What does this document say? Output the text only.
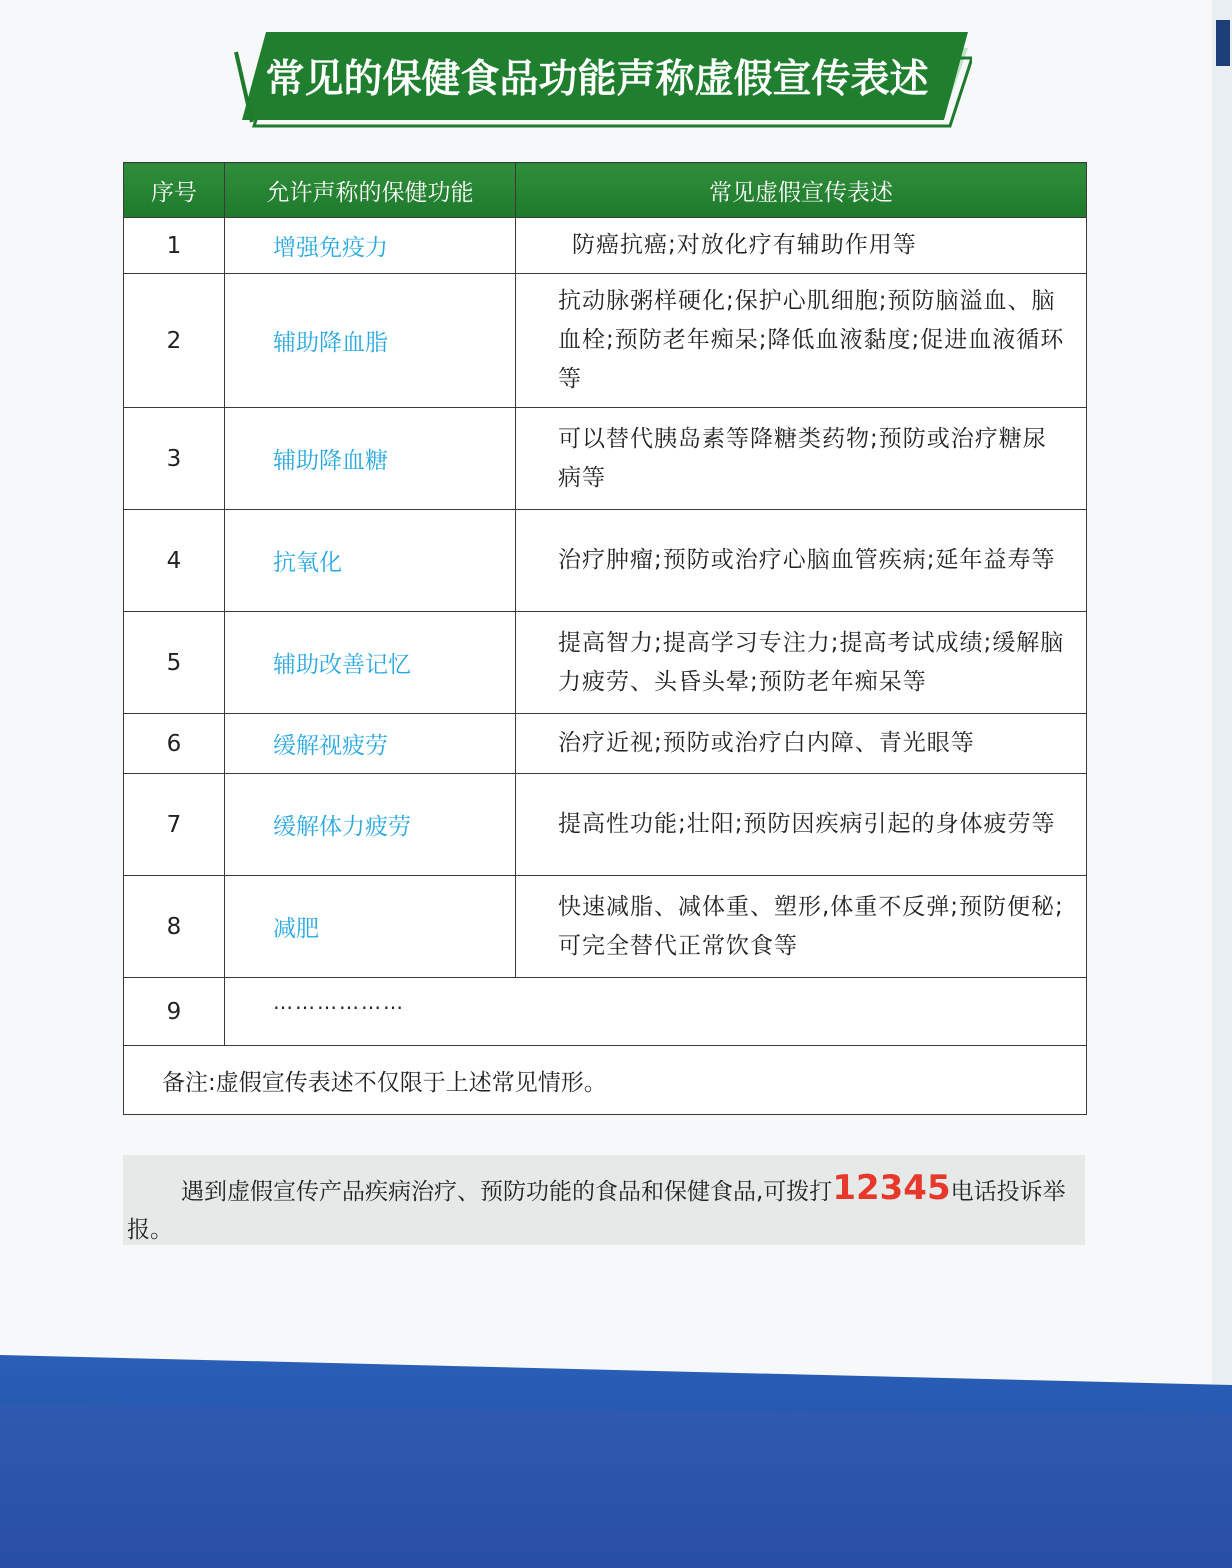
常见的保健食品功能声称虚假宣传表述
序号	允许声称的保健功能	常见虚假宣传表述
1	增强免疫力	防癌抗癌;对放化疗有辅助作用等
2	辅助降血脂	抗动脉粥样硬化;保护心肌细胞;预防脑溢血、脑血栓;预防老年痴呆;降低血液黏度;促进血液循环等
3	辅助降血糖	可以替代胰岛素等降糖类药物;预防或治疗糖尿病等
4	抗氧化	治疗肿瘤;预防或治疗心脑血管疾病;延年益寿等
5	辅助改善记忆	提高智力;提高学习专注力;提高考试成绩;缓解脑力疲劳、头昏头晕;预防老年痴呆等
6	缓解视疲劳	治疗近视;预防或治疗白内障、青光眼等
7	缓解体力疲劳	提高性功能;壮阳;预防因疾病引起的身体疲劳等
8	减肥	快速减脂、减体重、塑形,体重不反弹;预防便秘;可完全替代正常饮食等
9	………………	
备注:虚假宣传表述不仅限于上述常见情形。		
遇到虚假宣传产品疾病治疗、预防功能的食品和保健食品,可拨打12345电话投诉举报。
